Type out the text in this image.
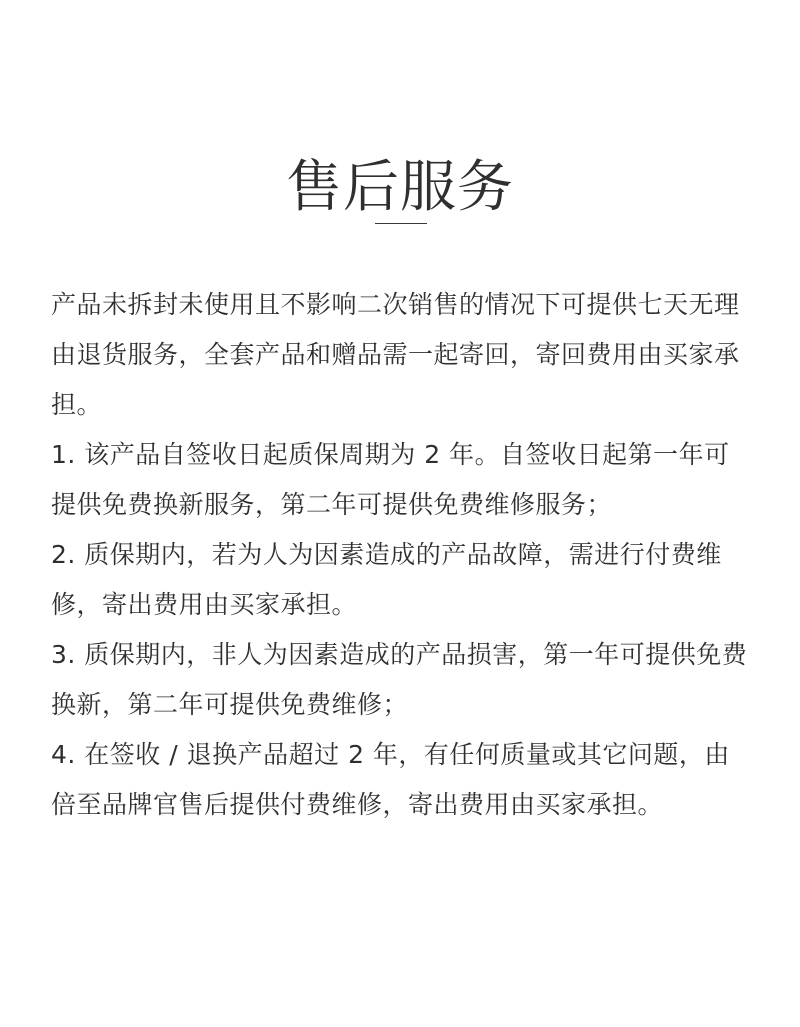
售后服务

产品未拆封未使用且不影响二次销售的情况下可提供七天无理由退货服务，全套产品和赠品需一起寄回，寄回费用由买家承担。

1. 该产品自签收日起质保周期为 2 年。自签收日起第一年可提供免费换新服务，第二年可提供免费维修服务；

2. 质保期内，若为人为因素造成的产品故障，需进行付费维修，寄出费用由买家承担。

3. 质保期内，非人为因素造成的产品损害，第一年可提供免费换新，第二年可提供免费维修；

4. 在签收 / 退换产品超过 2 年，有任何质量或其它问题，由倍至品牌官售后提供付费维修，寄出费用由买家承担。
